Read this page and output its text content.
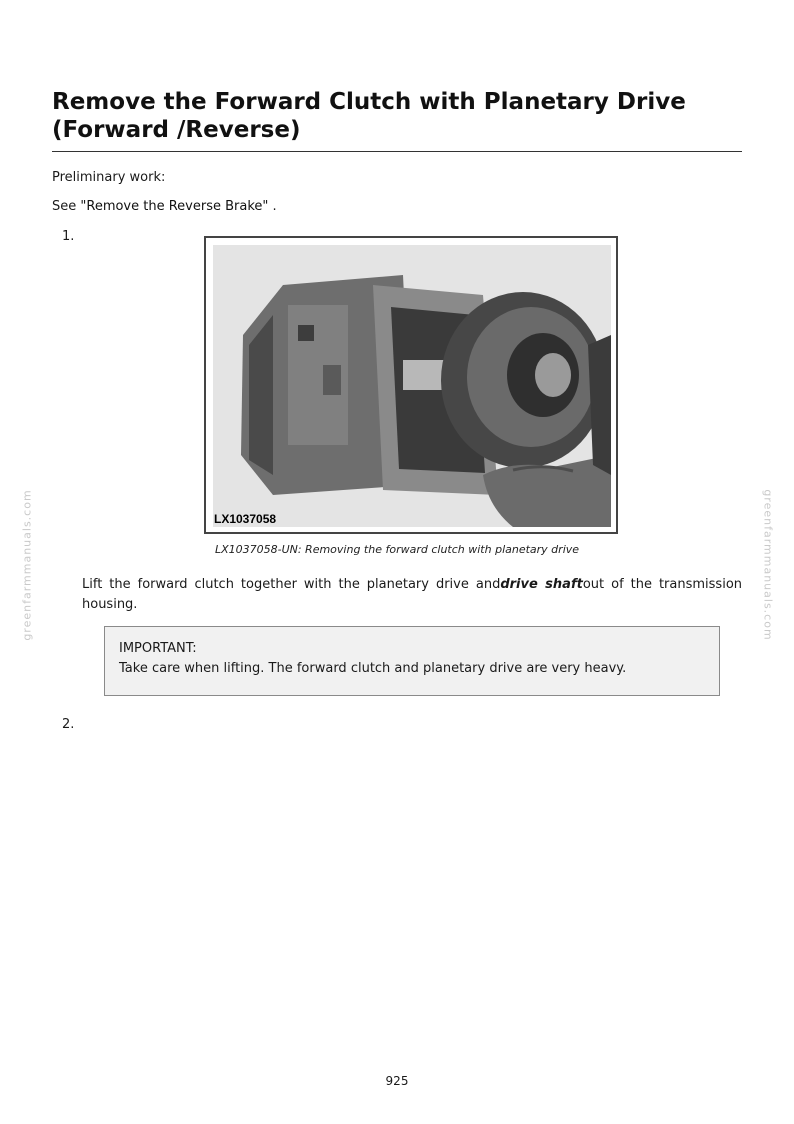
Remove the Forward Clutch with Planetary Drive (Forward /Reverse)
Preliminary work:
See "Remove the Reverse Brake" .
1.
LX1037058
LX1037058-UN: Removing the forward clutch with planetary drive
Lift the forward clutch together with the planetary drive anddrive shaftout of the transmission housing.
IMPORTANT:
Take care when lifting. The forward clutch and planetary drive are very heavy.
2.
greenfarmmanuals.com	greenfarmmanuals.com
925
